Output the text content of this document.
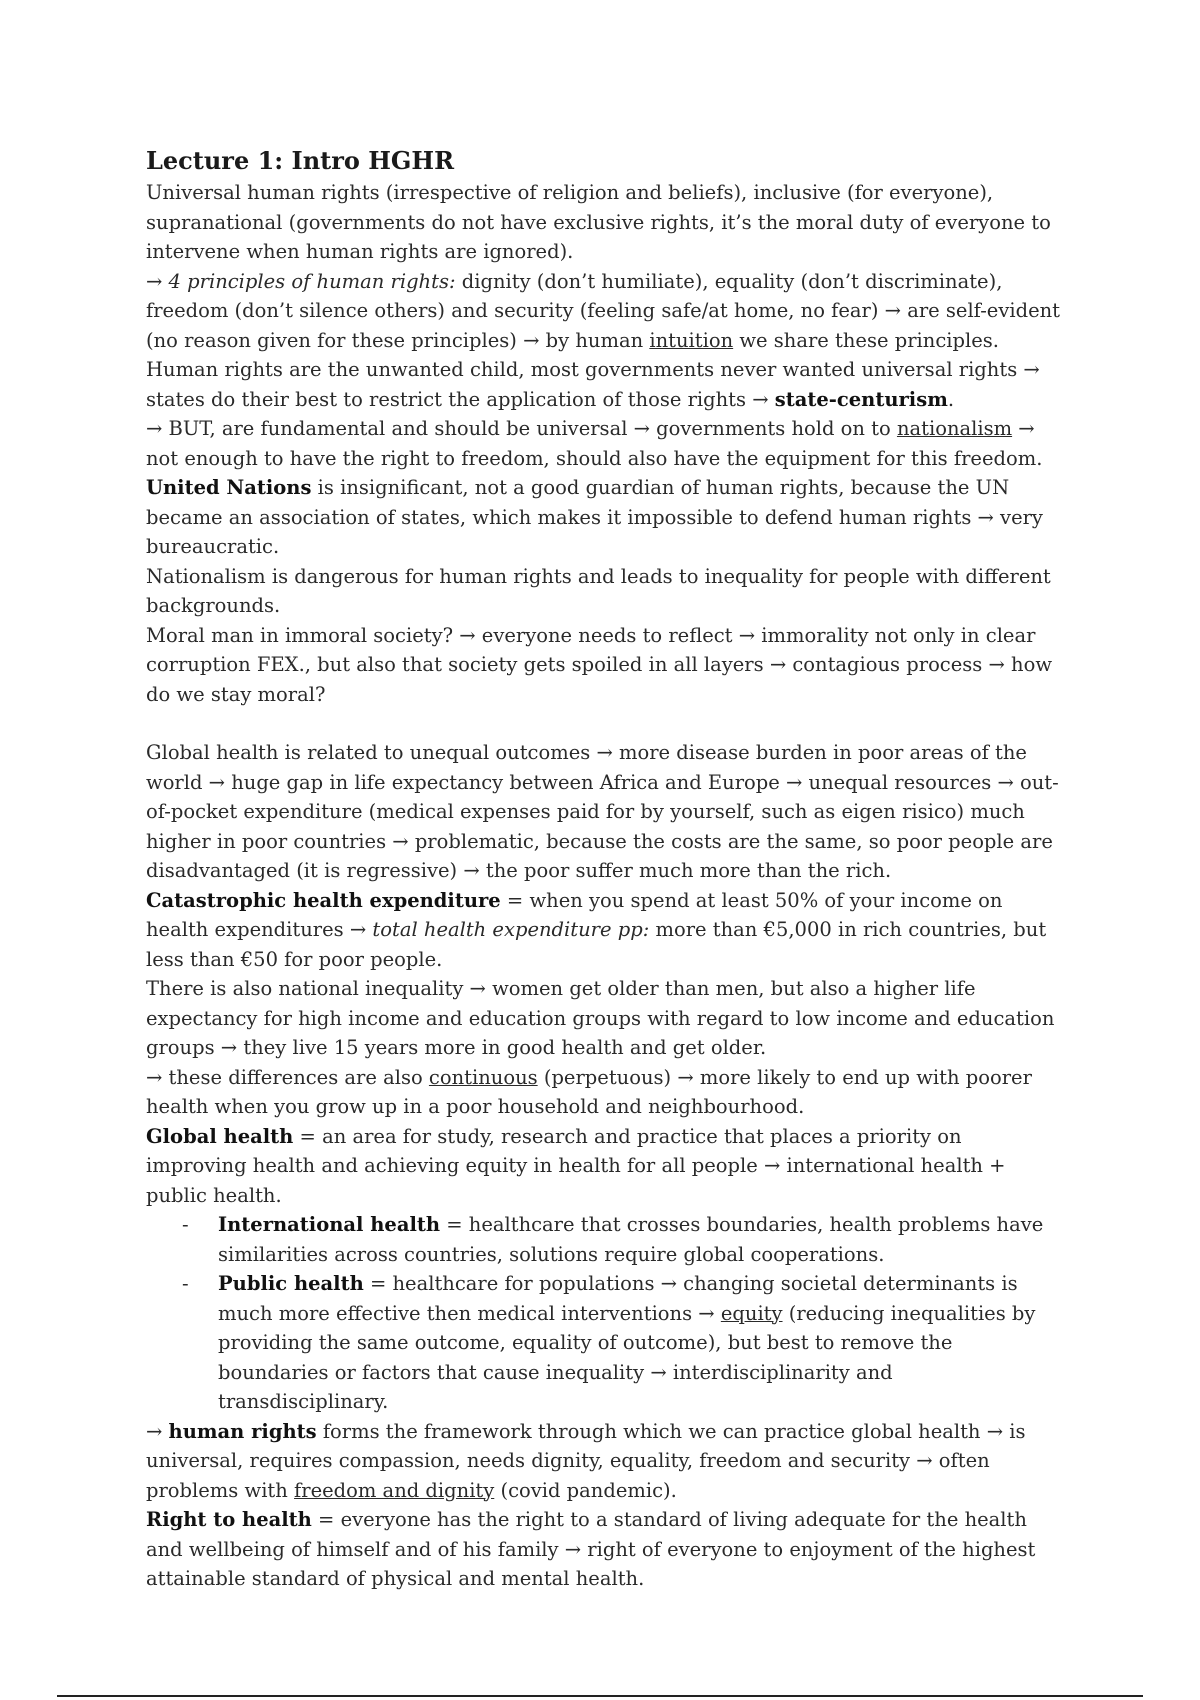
Lecture 1: Intro HGHR

Universal human rights (irrespective of religion and beliefs), inclusive (for everyone), supranational (governments do not have exclusive rights, it’s the moral duty of everyone to intervene when human rights are ignored).

→ 4 principles of human rights: dignity (don’t humiliate), equality (don’t discriminate), freedom (don’t silence others) and security (feeling safe/at home, no fear) → are self-evident (no reason given for these principles) → by human intuition we share these principles.

Human rights are the unwanted child, most governments never wanted universal rights → states do their best to restrict the application of those rights → state-centurism.

→ BUT, are fundamental and should be universal → governments hold on to nationalism → not enough to have the right to freedom, should also have the equipment for this freedom.

United Nations is insignificant, not a good guardian of human rights, because the UN became an association of states, which makes it impossible to defend human rights → very bureaucratic.

Nationalism is dangerous for human rights and leads to inequality for people with different backgrounds.

Moral man in immoral society? → everyone needs to reflect → immorality not only in clear corruption FEX., but also that society gets spoiled in all layers → contagious process → how do we stay moral?

Global health is related to unequal outcomes → more disease burden in poor areas of the world → huge gap in life expectancy between Africa and Europe → unequal resources → out-of-pocket expenditure (medical expenses paid for by yourself, such as eigen risico) much higher in poor countries → problematic, because the costs are the same, so poor people are disadvantaged (it is regressive) → the poor suffer much more than the rich.

Catastrophic health expenditure = when you spend at least 50% of your income on health expenditures → total health expenditure pp: more than €5,000 in rich countries, but less than €50 for poor people.

There is also national inequality → women get older than men, but also a higher life expectancy for high income and education groups with regard to low income and education groups → they live 15 years more in good health and get older.

→ these differences are also continuous (perpetuous) → more likely to end up with poorer health when you grow up in a poor household and neighbourhood.

Global health = an area for study, research and practice that places a priority on improving health and achieving equity in health for all people → international health + public health.

- International health = healthcare that crosses boundaries, health problems have similarities across countries, solutions require global cooperations.
- Public health = healthcare for populations → changing societal determinants is much more effective then medical interventions → equity (reducing inequalities by providing the same outcome, equality of outcome), but best to remove the boundaries or factors that cause inequality → interdisciplinarity and transdisciplinary.

→ human rights forms the framework through which we can practice global health → is universal, requires compassion, needs dignity, equality, freedom and security → often problems with freedom and dignity (covid pandemic).

Right to health = everyone has the right to a standard of living adequate for the health and wellbeing of himself and of his family → right of everyone to enjoyment of the highest attainable standard of physical and mental health.
